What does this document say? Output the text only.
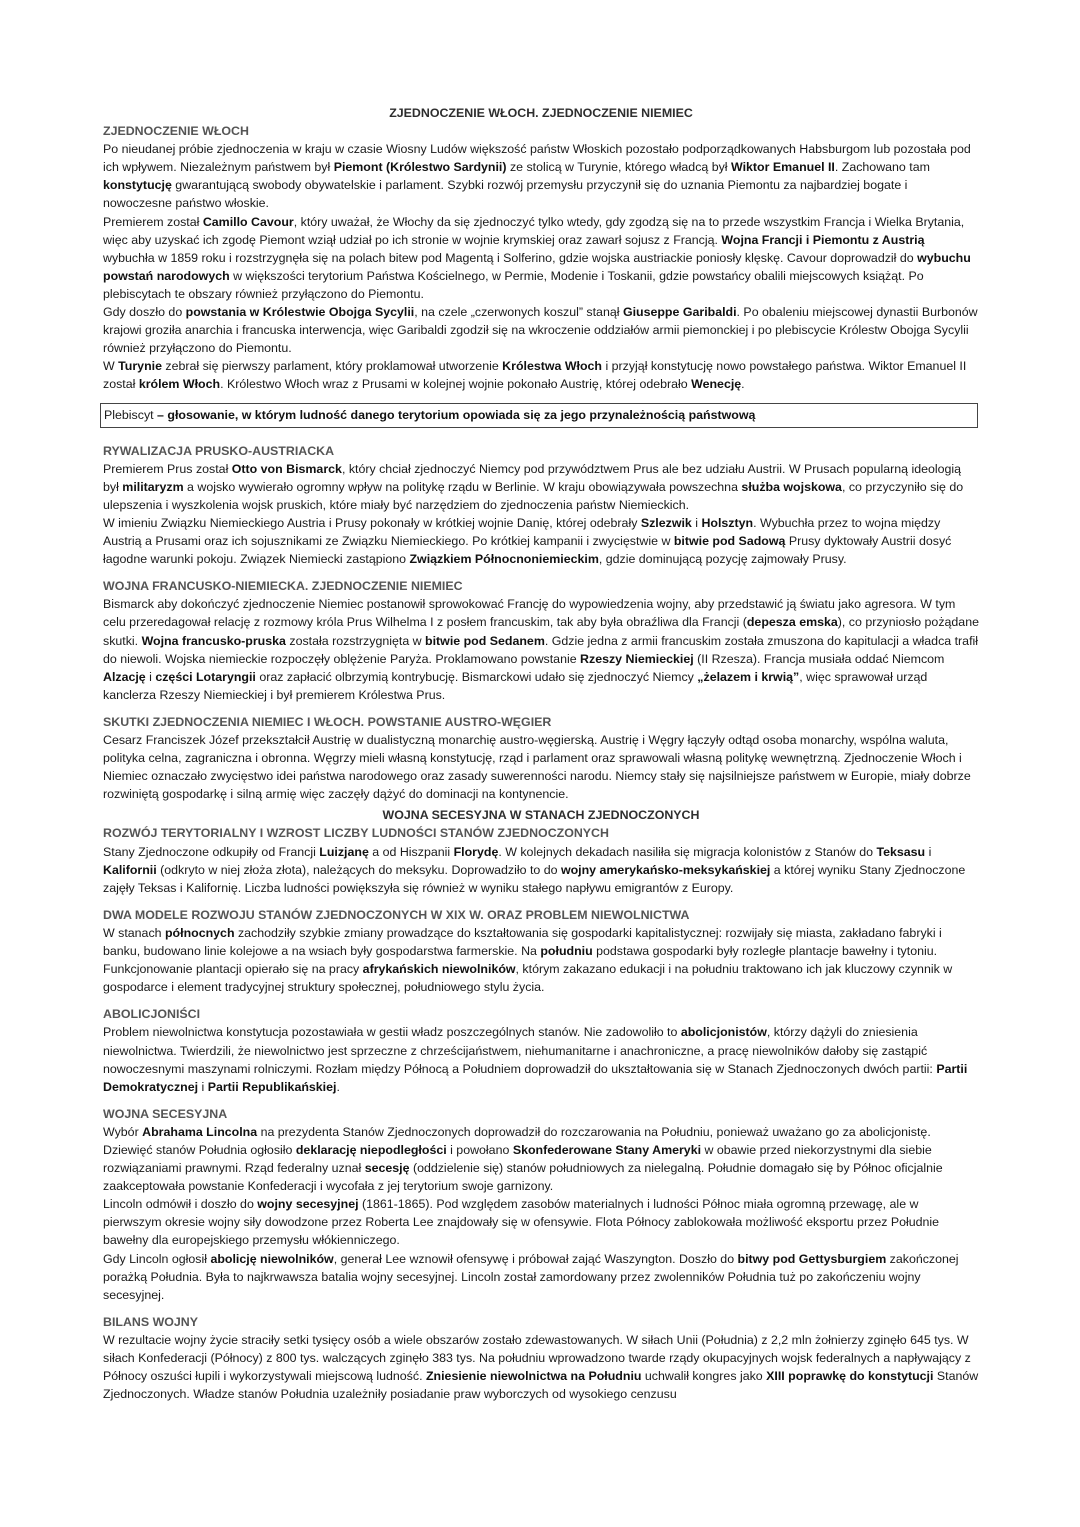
ZJEDNOCZENIE WŁOCH. ZJEDNOCZENIE NIEMIEC

ZJEDNOCZENIE WŁOCH

Po nieudanej próbie zjednoczenia w kraju w czasie Wiosny Ludów większość państw Włoskich pozostało podporządkowanych Habsburgom lub pozostała pod ich wpływem. Niezależnym państwem był Piemont (Królestwo Sardynii) ze stolicą w Turynie, którego władcą był Wiktor Emanuel II. Zachowano tam konstytucję gwarantującą swobody obywatelskie i parlament. Szybki rozwój przemysłu przyczynił się do uznania Piemontu za najbardziej bogate i nowoczesne państwo włoskie.

Premierem został Camillo Cavour, który uważał, że Włochy da się zjednoczyć tylko wtedy, gdy zgodzą się na to przede wszystkim Francja i Wielka Brytania, więc aby uzyskać ich zgodę Piemont wziął udział po ich stronie w wojnie krymskiej oraz zawarł sojusz z Francją. Wojna Francji i Piemontu z Austrią wybuchła w 1859 roku i rozstrzygnęła się na polach bitew pod Magentą i Solferino, gdzie wojska austriackie poniosły klęskę. Cavour doprowadził do wybuchu powstań narodowych w większości terytorium Państwa Kościelnego, w Permie, Modenie i Toskanii, gdzie powstańcy obalili miejscowych książąt. Po plebiscytach te obszary również przyłączono do Piemontu.

Gdy doszło do powstania w Królestwie Obojga Sycylii, na czele „czerwonych koszul” stanął Giuseppe Garibaldi. Po obaleniu miejscowej dynastii Burbonów krajowi groziła anarchia i francuska interwencja, więc Garibaldi zgodził się na wkroczenie oddziałów armii piemonckiej i po plebiscycie Królestw Obojga Sycylii również przyłączono do Piemontu.

W Turynie zebrał się pierwszy parlament, który proklamował utworzenie Królestwa Włoch i przyjął konstytucję nowo powstałego państwa. Wiktor Emanuel II został królem Włoch. Królestwo Włoch wraz z Prusami w kolejnej wojnie pokonało Austrię, której odebrało Wenecję.

Plebiscyt – głosowanie, w którym ludność danego terytorium opowiada się za jego przynależnością państwową

RYWALIZACJA PRUSKO-AUSTRIACKA

Premierem Prus został Otto von Bismarck, który chciał zjednoczyć Niemcy pod przywództwem Prus ale bez udziału Austrii. W Prusach popularną ideologią był militaryzm a wojsko wywierało ogromny wpływ na politykę rządu w Berlinie. W kraju obowiązywała powszechna służba wojskowa, co przyczyniło się do ulepszenia i wyszkolenia wojsk pruskich, które miały być narzędziem do zjednoczenia państw Niemieckich.

W imieniu Związku Niemieckiego Austria i Prusy pokonały w krótkiej wojnie Danię, której odebrały Szlezwik i Holsztyn. Wybuchła przez to wojna między Austrią a Prusami oraz ich sojusznikami ze Związku Niemieckiego. Po krótkiej kampanii i zwycięstwie w bitwie pod Sadową Prusy dyktowały Austrii dosyć łagodne warunki pokoju. Związek Niemiecki zastąpiono Związkiem Północnoniemieckim, gdzie dominującą pozycję zajmowały Prusy.

WOJNA FRANCUSKO-NIEMIECKA. ZJEDNOCZENIE NIEMIEC

Bismarck aby dokończyć zjednoczenie Niemiec postanowił sprowokować Francję do wypowiedzenia wojny, aby przedstawić ją światu jako agresora. W tym celu przeredagował relację z rozmowy króla Prus Wilhelma I z posłem francuskim, tak aby była obraźliwa dla Francji (depesza emska), co przyniosło pożądane skutki. Wojna francusko-pruska została rozstrzygnięta w bitwie pod Sedanem. Gdzie jedna z armii francuskim została zmuszona do kapitulacji a władca trafił do niewoli. Wojska niemieckie rozpoczęły oblężenie Paryża. Proklamowano powstanie Rzeszy Niemieckiej (II Rzesza). Francja musiała oddać Niemcom Alzację i części Lotaryngii oraz zapłacić olbrzymią kontrybucję. Bismarckowi udało się zjednoczyć Niemcy „żelazem i krwią”, więc sprawował urząd kanclerza Rzeszy Niemieckiej i był premierem Królestwa Prus.

SKUTKI ZJEDNOCZENIA NIEMIEC I WŁOCH. POWSTANIE AUSTRO-WĘGIER

Cesarz Franciszek Józef przekształcił Austrię w dualistyczną monarchię austro-węgierską. Austrię i Węgry łączyły odtąd osoba monarchy, wspólna waluta, polityka celna, zagraniczna i obronna. Węgrzy mieli własną konstytucję, rząd i parlament oraz sprawowali własną politykę wewnętrzną. Zjednoczenie Włoch i Niemiec oznaczało zwycięstwo idei państwa narodowego oraz zasady suwerenności narodu. Niemcy stały się najsilniejsze państwem w Europie, miały dobrze rozwiniętą gospodarkę i silną armię więc zaczęły dążyć do dominacji na kontynencie.

WOJNA SECESYJNA W STANACH ZJEDNOCZONYCH

ROZWÓJ TERYTORIALNY I WZROST LICZBY LUDNOŚCI STANÓW ZJEDNOCZONYCH

Stany Zjednoczone odkupiły od Francji Luizjanę a od Hiszpanii Florydę. W kolejnych dekadach nasiliła się migracja kolonistów z Stanów do Teksasu i Kalifornii (odkryto w niej złoża złota), należących do meksyku. Doprowadziło to do wojny amerykańsko-meksykańskiej a której wyniku Stany Zjednoczone zajęły Teksas i Kalifornię. Liczba ludności powiększyła się również w wyniku stałego napływu emigrantów z Europy.

DWA MODELE ROZWOJU STANÓW ZJEDNOCZONYCH W XIX W. ORAZ PROBLEM NIEWOLNICTWA

W stanach północnych zachodziły szybkie zmiany prowadzące do kształtowania się gospodarki kapitalistycznej: rozwijały się miasta, zakładano fabryki i banku, budowano linie kolejowe a na wsiach były gospodarstwa farmerskie. Na południu podstawa gospodarki były rozległe plantacje bawełny i tytoniu. Funkcjonowanie plantacji opierało się na pracy afrykańskich niewolników, którym zakazano edukacji i na południu traktowano ich jak kluczowy czynnik w gospodarce i element tradycyjnej struktury społecznej, południowego stylu życia.

ABOLICJONIŚCI

Problem niewolnictwa konstytucja pozostawiała w gestii władz poszczególnych stanów. Nie zadowoliło to abolicjonistów, którzy dążyli do zniesienia niewolnictwa. Twierdzili, że niewolnictwo jest sprzeczne z chrześcijaństwem, niehumanitarne i anachroniczne, a pracę niewolników dałoby się zastąpić nowoczesnymi maszynami rolniczymi. Rozłam między Północą a Południem doprowadził do ukształtowania się w Stanach Zjednoczonych dwóch partii: Partii Demokratycznej i Partii Republikańskiej.

WOJNA SECESYJNA

Wybór Abrahama Lincolna na prezydenta Stanów Zjednoczonych doprowadził do rozczarowania na Południu, ponieważ uważano go za abolicjonistę. Dziewięć stanów Południa ogłosiło deklarację niepodległości i powołano Skonfederowane Stany Ameryki w obawie przed niekorzystnymi dla siebie rozwiązaniami prawnymi. Rząd federalny uznał secesję (oddzielenie się) stanów południowych za nielegalną. Południe domagało się by Północ oficjalnie zaakceptowała powstanie Konfederacji i wycofała z jej terytorium swoje garnizony.

Lincoln odmówił i doszło do wojny secesyjnej (1861-1865). Pod względem zasobów materialnych i ludności Północ miała ogromną przewagę, ale w pierwszym okresie wojny siły dowodzone przez Roberta Lee znajdowały się w ofensywie. Flota Północy zablokowała możliwość eksportu przez Południe bawełny dla europejskiego przemysłu włókienniczego.

Gdy Lincoln ogłosił abolicję niewolników, generał Lee wznowił ofensywę i próbował zająć Waszyngton. Doszło do bitwy pod Gettysburgiem zakończonej porażką Południa. Była to najkrwawsza batalia wojny secesyjnej. Lincoln został zamordowany przez zwolenników Południa tuż po zakończeniu wojny secesyjnej.

BILANS WOJNY

W rezultacie wojny życie straciły setki tysięcy osób a wiele obszarów zostało zdewastowanych. W siłach Unii (Południa) z 2,2 mln żołnierzy zginęło 645 tys. W siłach Konfederacji (Północy) z 800 tys. walczących zginęło 383 tys. Na południu wprowadzono twarde rządy okupacyjnych wojsk federalnych a napływający z Północy oszuści łupili i wykorzystywali miejscową ludność. Zniesienie niewolnictwa na Południu uchwalił kongres jako XIII poprawkę do konstytucji Stanów Zjednoczonych. Władze stanów Południa uzależniły posiadanie praw wyborczych od wysokiego cenzusu
